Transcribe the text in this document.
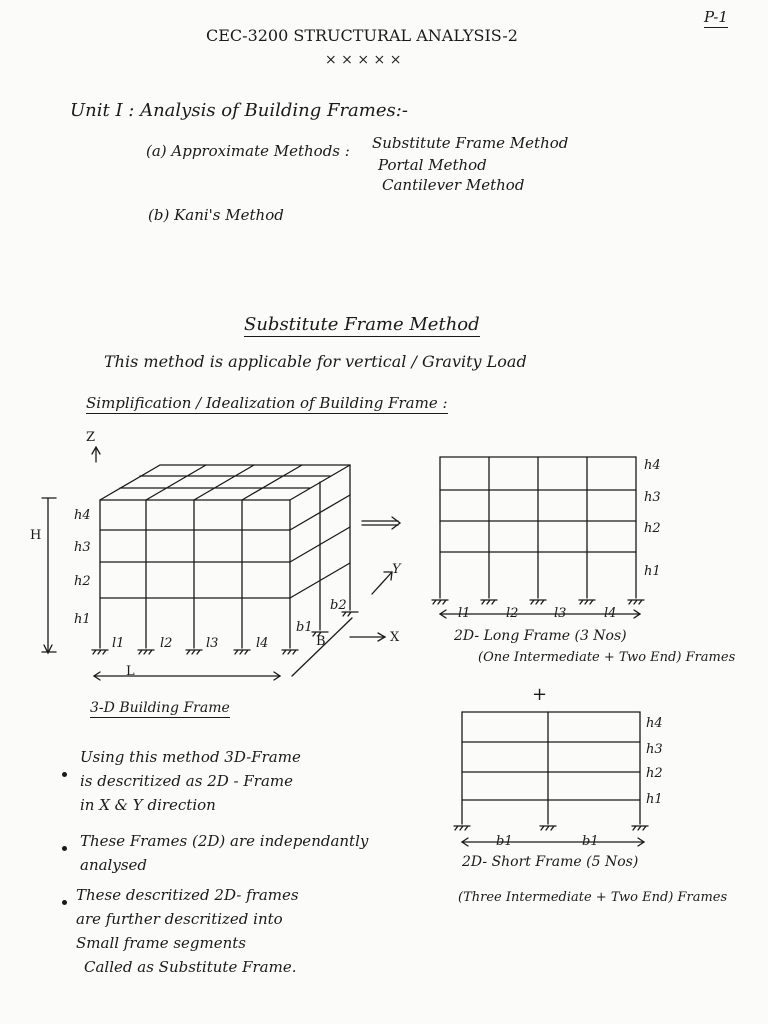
P-1
CEC-3200 STRUCTURAL ANALYSIS-2
× × × × ×
Unit I : Analysis of Building Frames:-
(a) Approximate Methods : Substitute Frame Method
Portal Method
Cantilever Method
(b) Kani's Method
Substitute Frame Method
This method is applicable for vertical / Gravity Load
Simplification / Idealization of Building Frame :
Z
H
h4
h3
h2
h1
l1	l2	l3	l4
b1
b2
L
B	X
Y
3-D Building Frame
h4
h3
h2
h1
l1	l2	l3	l4
2D- Long Frame (3 Nos)
(One Intermediate + Two End) Frames
+
h4
h3
h2
h1
b1	b1
2D- Short Frame (5 Nos)
(Three Intermediate + Two End) Frames
Using this method 3D-Frame
is descritized as 2D - Frame
in X & Y direction
These Frames (2D) are independantly
analysed
These descritized 2D- frames
are further descritized into
Small frame segments
Called as Substitute Frame.
